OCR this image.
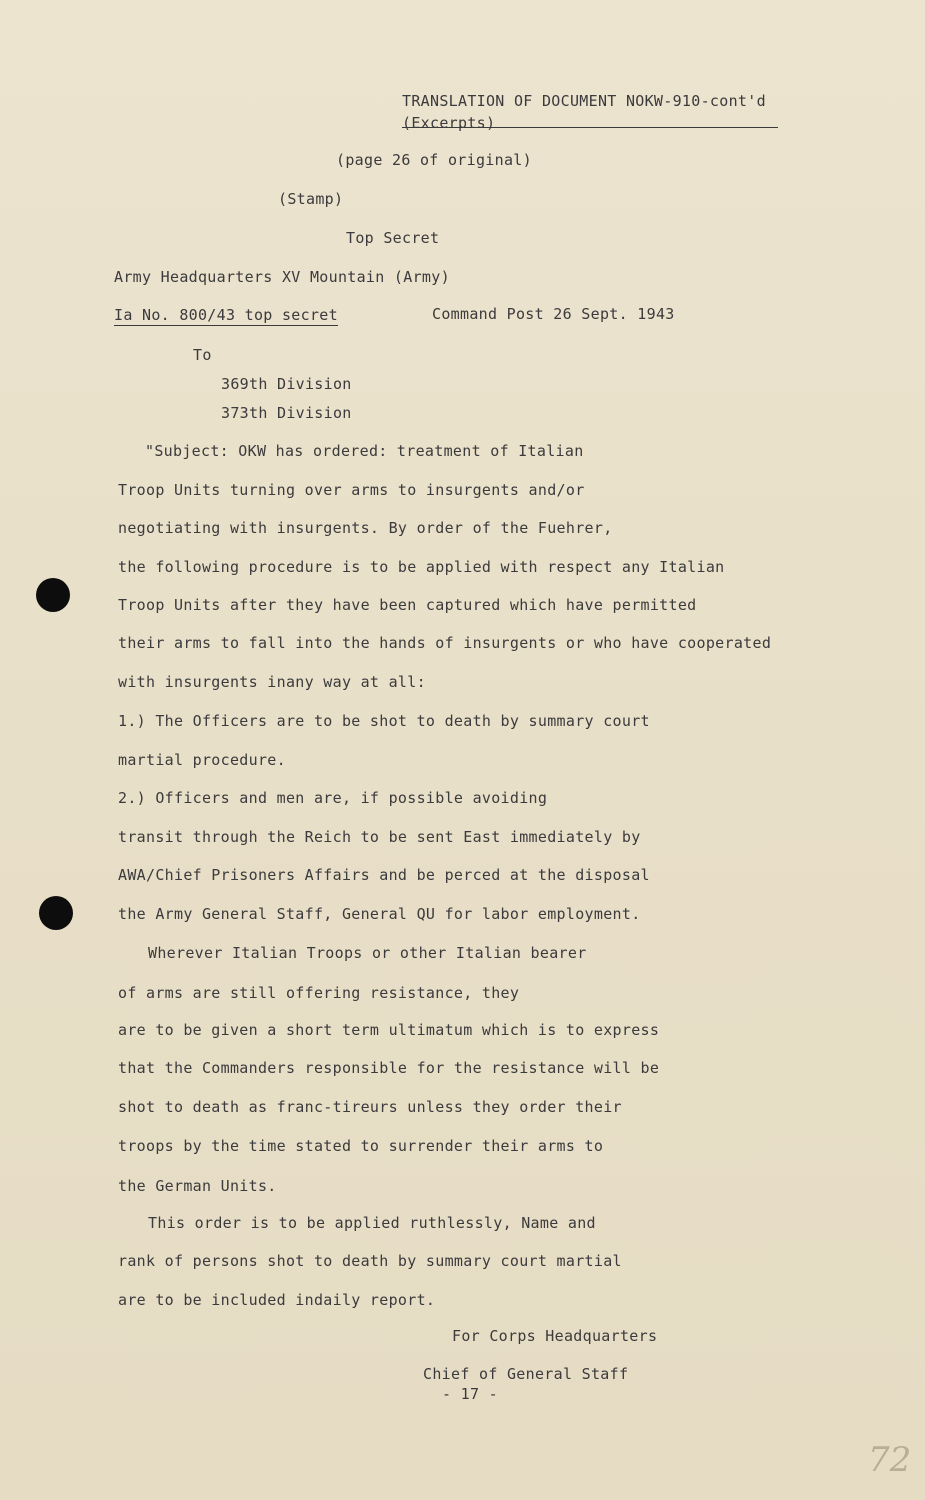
TRANSLATION OF DOCUMENT NOKW-910-cont'd
(Excerpts)
(page 26 of original)
(Stamp)
Top Secret
Army Headquarters XV Mountain (Army)
Ia No. 800/43 top secret	Command Post 26 Sept. 1943
To
369th Division
373th Division
"Subject: OKW has ordered: treatment of Italian
Troop Units turning over arms to insurgents and/or
negotiating with insurgents. By order of the Fuehrer,
the following procedure is to be applied with respect any Italian
Troop Units after they have been captured which have permitted
their arms to fall into the hands of insurgents or who have cooperated
with insurgents inany way at all:
1.) The Officers are to be shot to death by summary court
martial procedure.
2.) Officers and men are, if possible avoiding
transit through the Reich to be sent East immediately by
AWA/Chief Prisoners Affairs and be perced at the disposal
the Army General Staff, General QU for labor employment.
Wherever Italian Troops or other Italian bearer
of arms are still offering resistance, they
are to be given a short term ultimatum which is to express
that the Commanders responsible for the resistance will be
shot to death as franc-tireurs unless they order their
troops by the time stated to surrender their arms to
the German Units.
This order is to be applied ruthlessly, Name and
rank of persons shot to death by summary court martial
are to be included indaily report.
For Corps Headquarters
Chief of General Staff
- 17 -
72
